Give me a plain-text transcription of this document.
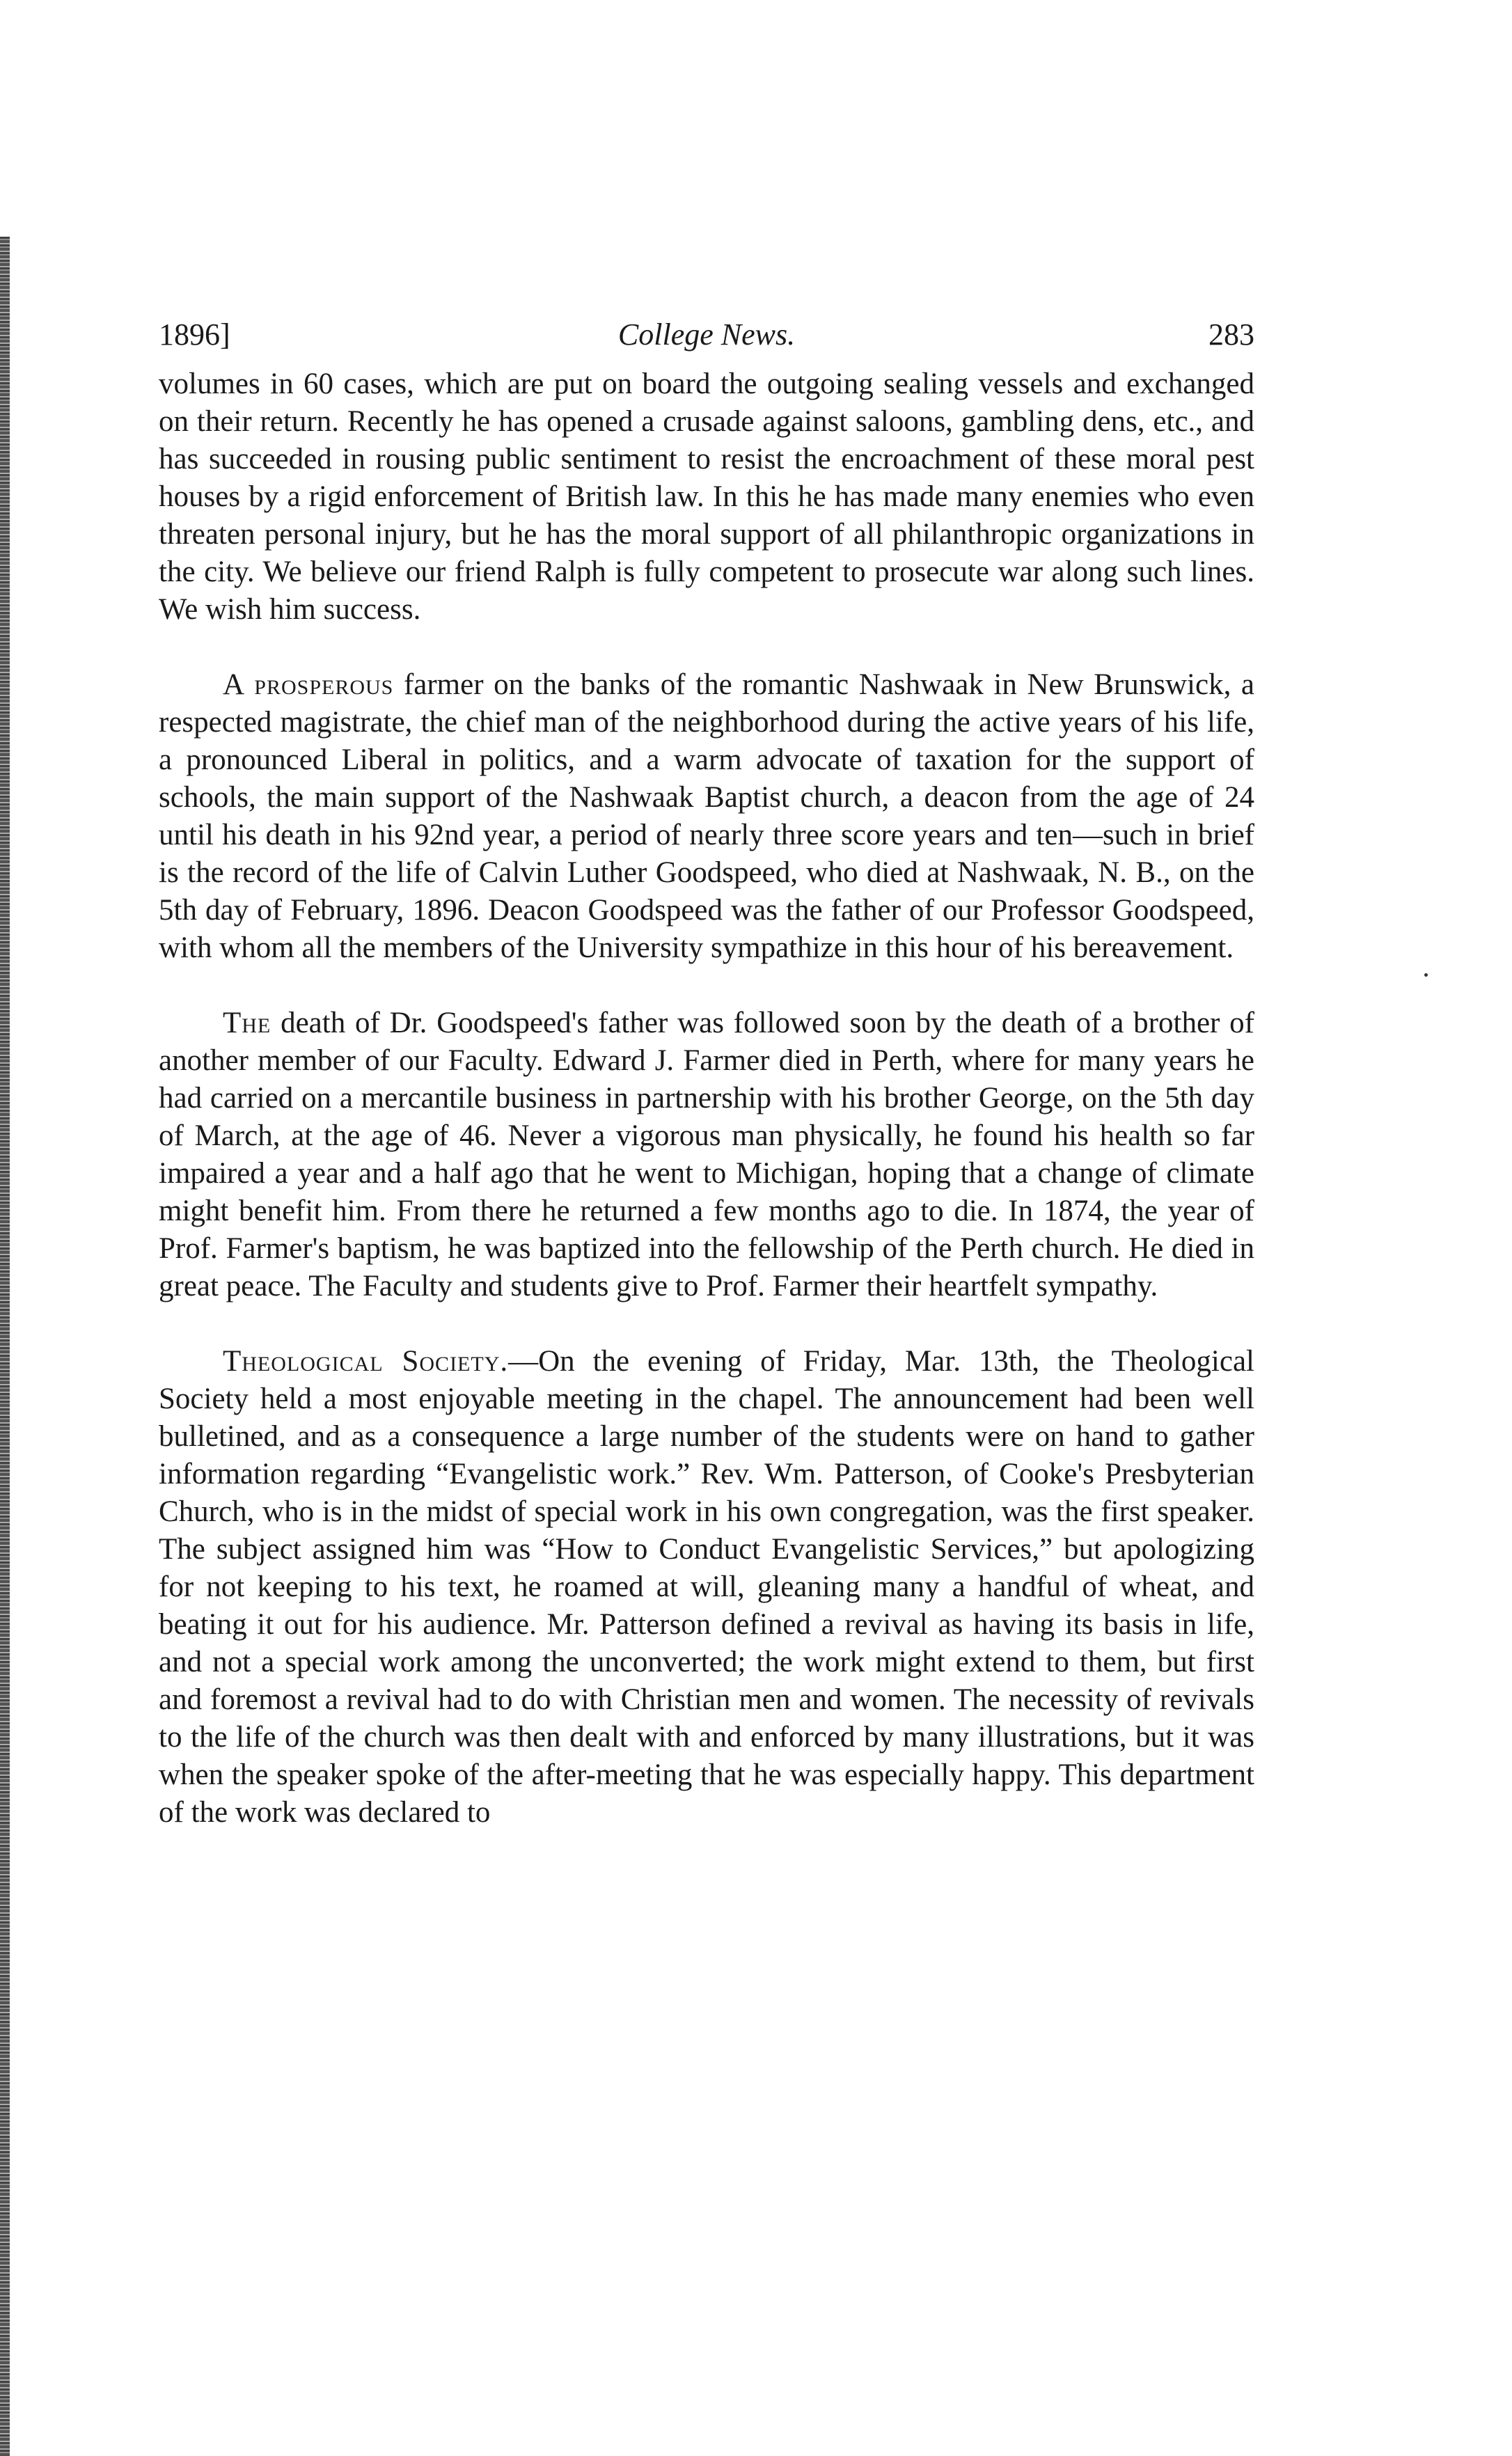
1896]	College News.	283

volumes in 60 cases, which are put on board the outgoing sealing vessels and exchanged on their return. Recently he has opened a crusade against saloons, gambling dens, etc., and has succeeded in rousing public sentiment to resist the encroachment of these moral pest houses by a rigid enforcement of British law. In this he has made many enemies who even threaten personal injury, but he has the moral support of all philanthropic organizations in the city. We believe our friend Ralph is fully competent to prosecute war along such lines. We wish him success.

A prosperous farmer on the banks of the romantic Nashwaak in New Brunswick, a respected magistrate, the chief man of the neighborhood during the active years of his life, a pronounced Liberal in politics, and a warm advocate of taxation for the support of schools, the main support of the Nashwaak Baptist church, a deacon from the age of 24 until his death in his 92nd year, a period of nearly three score years and ten—such in brief is the record of the life of Calvin Luther Goodspeed, who died at Nashwaak, N. B., on the 5th day of February, 1896. Deacon Goodspeed was the father of our Professor Goodspeed, with whom all the members of the University sympathize in this hour of his bereavement.

The death of Dr. Goodspeed's father was followed soon by the death of a brother of another member of our Faculty. Edward J. Farmer died in Perth, where for many years he had carried on a mercantile business in partnership with his brother George, on the 5th day of March, at the age of 46. Never a vigorous man physically, he found his health so far impaired a year and a half ago that he went to Michigan, hoping that a change of climate might benefit him. From there he returned a few months ago to die. In 1874, the year of Prof. Farmer's baptism, he was baptized into the fellowship of the Perth church. He died in great peace. The Faculty and students give to Prof. Farmer their heartfelt sympathy.

Theological Society.—On the evening of Friday, Mar. 13th, the Theological Society held a most enjoyable meeting in the chapel. The announcement had been well bulletined, and as a consequence a large number of the students were on hand to gather information regarding “Evangelistic work.” Rev. Wm. Patterson, of Cooke's Presbyterian Church, who is in the midst of special work in his own congregation, was the first speaker. The subject assigned him was “How to Conduct Evangelistic Services,” but apologizing for not keeping to his text, he roamed at will, gleaning many a handful of wheat, and beating it out for his audience. Mr. Patterson defined a revival as having its basis in life, and not a special work among the unconverted; the work might extend to them, but first and foremost a revival had to do with Christian men and women. The necessity of revivals to the life of the church was then dealt with and enforced by many illustrations, but it was when the speaker spoke of the after-meeting that he was especially happy. This department of the work was declared to
